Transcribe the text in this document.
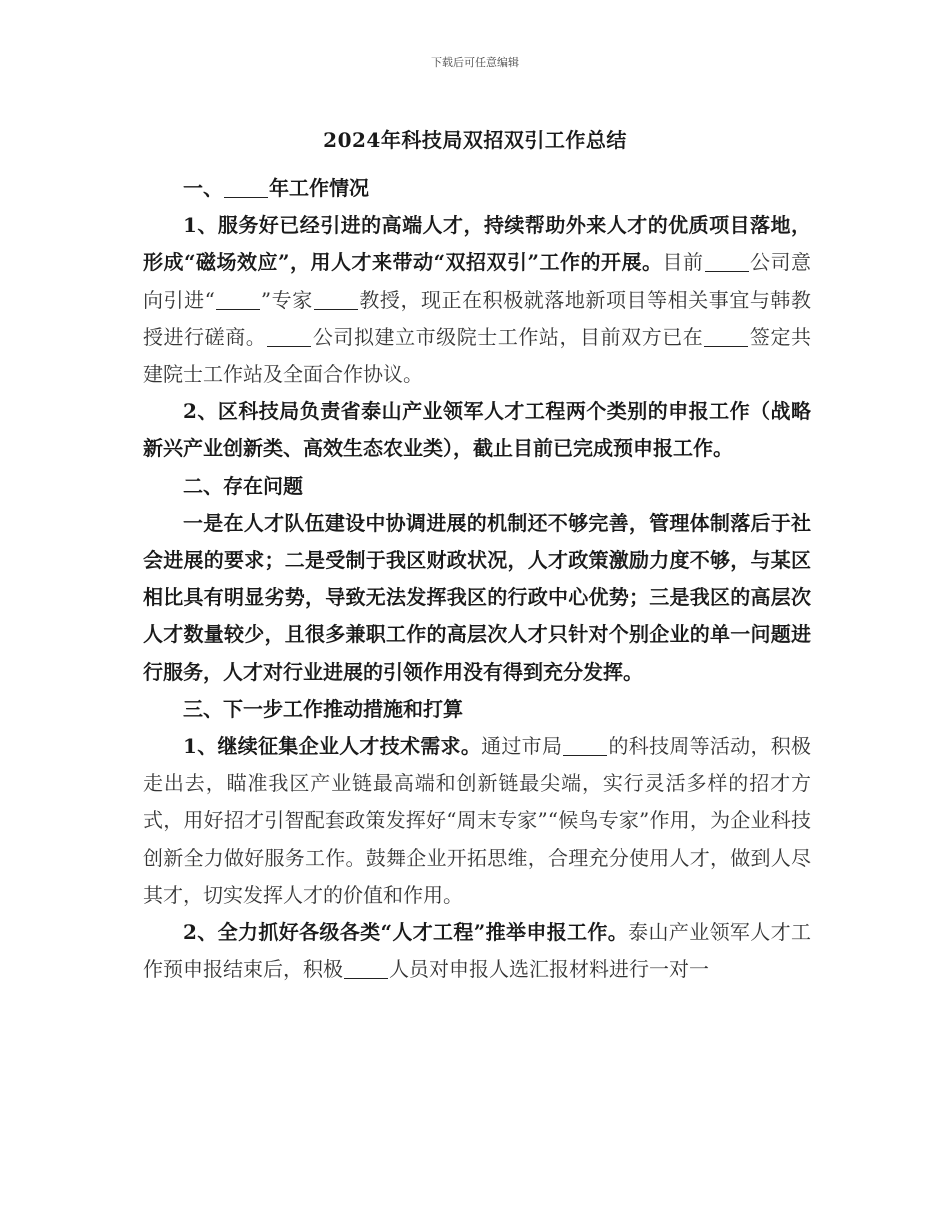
下载后可任意编辑
2024年科技局双招双引工作总结

一、 年工作情况

1、服务好已经引进的高端人才，持续帮助外来人才的优质项目落地，形成“磁场效应”，用人才来带动“双招双引”工作的开展。目前 公司意向引进“ ”专家 教授，现正在积极就落地新项目等相关事宜与韩教授进行磋商。 公司拟建立市级院士工作站，目前双方已在 签定共建院士工作站及全面合作协议。

2、区科技局负责省泰山产业领军人才工程两个类别的申报工作（战略新兴产业创新类、高效生态农业类），截止目前已完成预申报工作。

二、存在问题

一是在人才队伍建设中协调进展的机制还不够完善，管理体制落后于社会进展的要求；二是受制于我区财政状况，人才政策激励力度不够，与某区相比具有明显劣势，导致无法发挥我区的行政中心优势；三是我区的高层次人才数量较少，且很多兼职工作的高层次人才只针对个别企业的单一问题进行服务，人才对行业进展的引领作用没有得到充分发挥。

三、下一步工作推动措施和打算

1、继续征集企业人才技术需求。通过市局 的科技周等活动，积极走出去，瞄准我区产业链最高端和创新链最尖端，实行灵活多样的招才方式，用好招才引智配套政策发挥好“周末专家”“候鸟专家”作用，为企业科技创新全力做好服务工作。鼓舞企业开拓思维，合理充分使用人才，做到人尽其才，切实发挥人才的价值和作用。

2、全力抓好各级各类“人才工程”推举申报工作。泰山产业领军人才工作预申报结束后，积极 人员对申报人选汇报材料进行一对一
